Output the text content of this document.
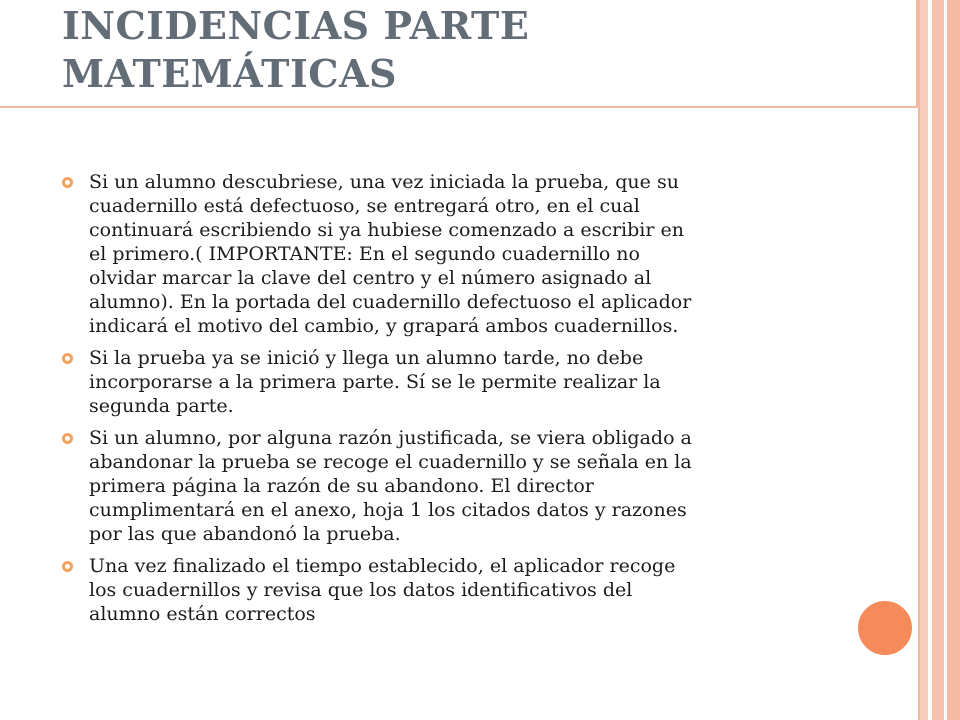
INCIDENCIAS PARTE
MATEMÁTICAS
Si un alumno descubriese, una vez iniciada la prueba, que su
cuadernillo está defectuoso, se entregará otro, en el cual
continuará escribiendo si ya hubiese comenzado a escribir en
el primero.( IMPORTANTE: En el segundo cuadernillo no
olvidar marcar la clave del centro y el número asignado al
alumno). En la portada del cuadernillo defectuoso el aplicador
indicará el motivo del cambio, y grapará ambos cuadernillos.
Si la prueba ya se inició y llega un alumno tarde, no debe
incorporarse a la primera parte. Sí se le permite realizar la
segunda parte.
Si un alumno, por alguna razón justificada, se viera obligado a
abandonar la prueba se recoge el cuadernillo y se señala en la
primera página la razón de su abandono. El director
cumplimentará en el anexo, hoja 1 los citados datos y razones
por las que abandonó la prueba.
Una vez finalizado el tiempo establecido, el aplicador recoge
los cuadernillos y revisa que los datos identificativos del
alumno están correctos
